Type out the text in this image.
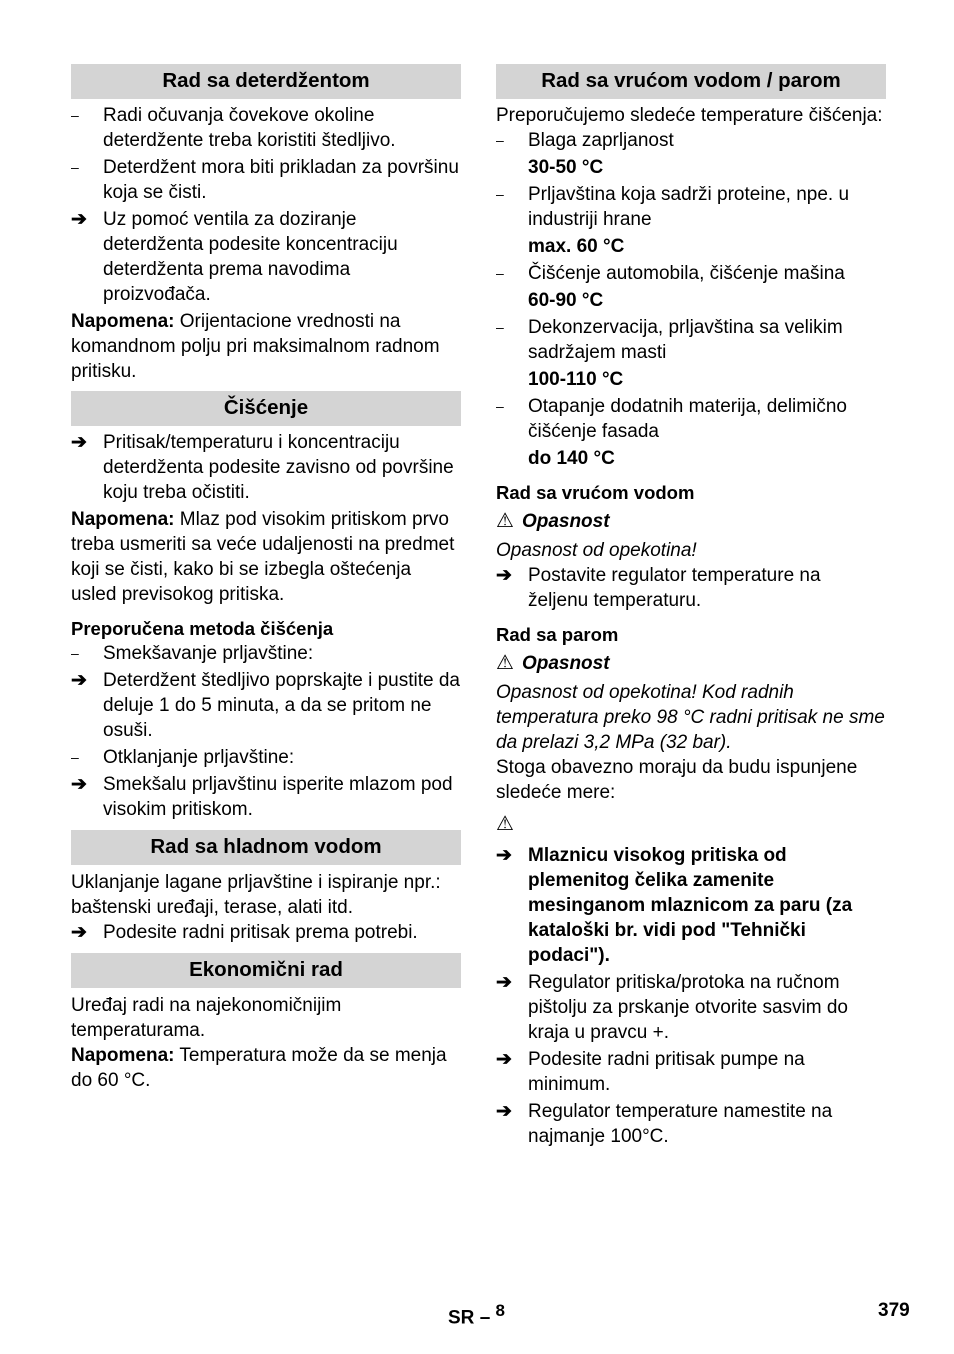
Rad sa deterdžentom
–	Radi očuvanja čovekove okoline deterdžente treba koristiti štedljivo.
–	Deterdžent mora biti prikladan za površinu koja se čisti.
➔ Uz pomoć ventila za doziranje deterdženta podesite koncentraciju deterdženta prema navodima proizvođača.
Napomena: Orijentacione vrednosti na komandnom polju pri maksimalnom radnom pritisku.
Čišćenje
➔ Pritisak/temperaturu i koncentraciju deterdženta podesite zavisno od površine koju treba očistiti.
Napomena: Mlaz pod visokim pritiskom prvo treba usmeriti sa veće udaljenosti na predmet koji se čisti, kako bi se izbegla oštećenja usled previsokog pritiska.
Preporučena metoda čišćenja
–	Smekšavanje prljavštine:
➔ Deterdžent štedljivo poprskajte i pustite da deluje 1 do 5 minuta, a da se pritom ne osuši.
–	Otklanjanje prljavštine:
➔ Smekšalu prljavštinu isperite mlazom pod visokim pritiskom.
Rad sa hladnom vodom
Uklanjanje lagane prljavštine i ispiranje npr.: baštenski uređaji, terase, alati itd.
➔ Podesite radni pritisak prema potrebi.
Ekonomični rad
Uređaj radi na najekonomičnijim temperaturama.
Napomena: Temperatura može da se menja do 60 °C.
Rad sa vrućom vodom / parom
Preporučujemo sledeće temperature čišćenja:
–	Blaga zaprljanost
30-50 °C
–	Prljavština koja sadrži proteine, npe. u industriji hrane
max. 60 °C
–	Čišćenje automobila, čišćenje mašina
60-90 °C
–	Dekonzervacija, prljavština sa velikim sadržajem masti
100-110 °C
–	Otapanje dodatnih materija, delimično čišćenje fasada
do 140 °C
Rad sa vrućom vodom
⚠ Opasnost
Opasnost od opekotina!
➔ Postavite regulator temperature na željenu temperaturu.
Rad sa parom
⚠ Opasnost
Opasnost od opekotina! Kod radnih temperatura preko 98 °C radni pritisak ne sme da prelazi 3,2 MPa (32 bar).
Stoga obavezno moraju da budu ispunjene sledeće mere:
⚠
➔ Mlaznicu visokog pritiska od plemenitog čelika zamenite mesinganom mlaznicom za paru (za kataloški br. vidi pod "Tehnički podaci").
➔ Regulator pritiska/protoka na ručnom pištolju za prskanje otvorite sasvim do kraja u pravcu +.
➔ Podesite radni pritisak pumpe na minimum.
➔ Regulator temperature namestite na najmanje 100°C.
SR – $^8$	379
